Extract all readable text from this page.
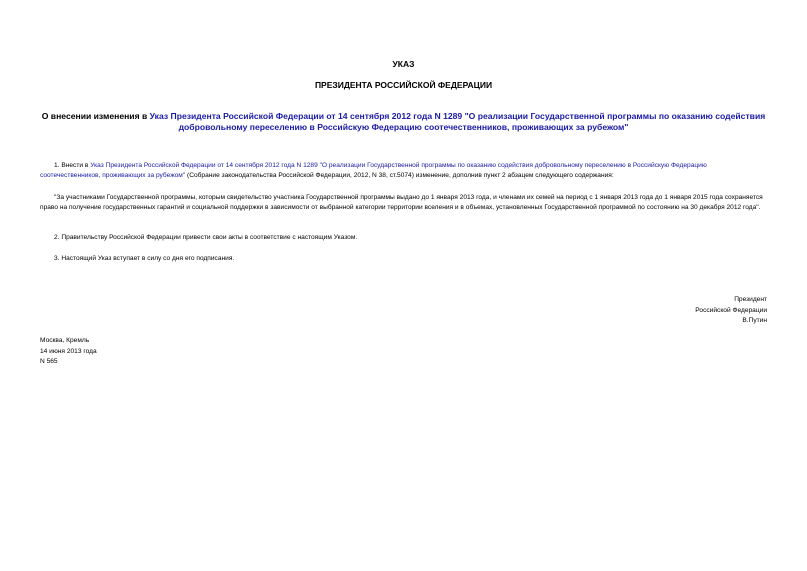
УКАЗ
ПРЕЗИДЕНТА РОССИЙСКОЙ ФЕДЕРАЦИИ
О внесении изменения в Указ Президента Российской Федерации от 14 сентября 2012 года N 1289 "О реализации Государственной программы по оказанию содействия добровольному переселению в Российскую Федерацию соотечественников, проживающих за рубежом"
1. Внести в Указ Президента Российской Федерации от 14 сентября 2012 года N 1289 "О реализации Государственной программы по оказанию содействия добровольному переселению в Российскую Федерацию соотечественников, проживающих за рубежом" (Собрание законодательства Российской Федерации, 2012, N 38, ст.5074) изменение, дополнив пункт 2 абзацем следующего содержания:
"За участниками Государственной программы, которым свидетельство участника Государственной программы выдано до 1 января 2013 года, и членами их семей на период с 1 января 2013 года до 1 января 2015 года сохраняется право на получение государственных гарантий и социальной поддержки в зависимости от выбранной категории территории вселения и в объемах, установленных Государственной программой по состоянию на 30 декабря 2012 года".
2. Правительству Российской Федерации привести свои акты в соответствие с настоящим Указом.
3. Настоящий Указ вступает в силу со дня его подписания.
Президент
Российской Федерации
В.Путин
Москва, Кремль
14 июня 2013 года
N 565
